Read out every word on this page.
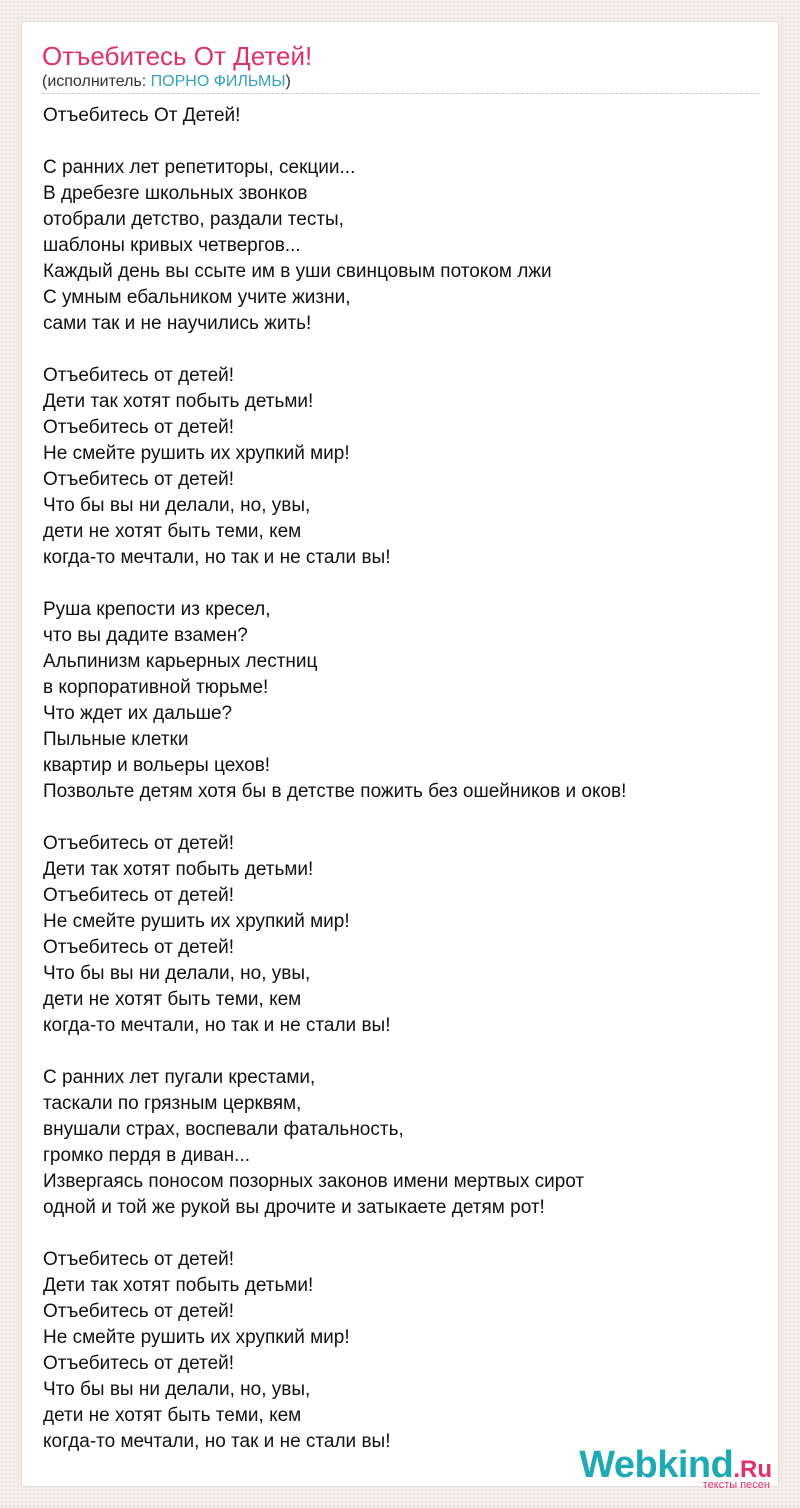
Отъебитесь От Детей!
(исполнитель: ПОРНО ФИЛЬМЫ)
Отъебитесь От Детей!
С ранних лет репетиторы, секции...
В дребезге школьных звонков
отобрали детство, раздали тесты,
шаблоны кривых четвергов...
Каждый день вы ссыте им в уши свинцовым потоком лжи
С умным ебальником учите жизни,
сами так и не научились жить!
Отъебитесь от детей!
Дети так хотят побыть детьми!
Отъебитесь от детей!
Не смейте рушить их хрупкий мир!
Отъебитесь от детей!
Что бы вы ни делали, но, увы,
дети не хотят быть теми, кем
когда-то мечтали, но так и не стали вы!
Руша крепости из кресел,
что вы дадите взамен?
Альпинизм карьерных лестниц
в корпоративной тюрьме!
Что ждет их дальше?
Пыльные клетки
квартир и вольеры цехов!
Позвольте детям хотя бы в детстве пожить без ошейников и оков!
Отъебитесь от детей!
Дети так хотят побыть детьми!
Отъебитесь от детей!
Не смейте рушить их хрупкий мир!
Отъебитесь от детей!
Что бы вы ни делали, но, увы,
дети не хотят быть теми, кем
когда-то мечтали, но так и не стали вы!
С ранних лет пугали крестами,
таскали по грязным церквям,
внушали страх, воспевали фатальность,
громко пердя в диван...
Извергаясь поносом позорных законов имени мертвых сирот
одной и той же рукой вы дрочите и затыкаете детям рот!
Отъебитесь от детей!
Дети так хотят побыть детьми!
Отъебитесь от детей!
Не смейте рушить их хрупкий мир!
Отъебитесь от детей!
Что бы вы ни делали, но, увы,
дети не хотят быть теми, кем
когда-то мечтали, но так и не стали вы!
Webkind.Ru
тексты песен
